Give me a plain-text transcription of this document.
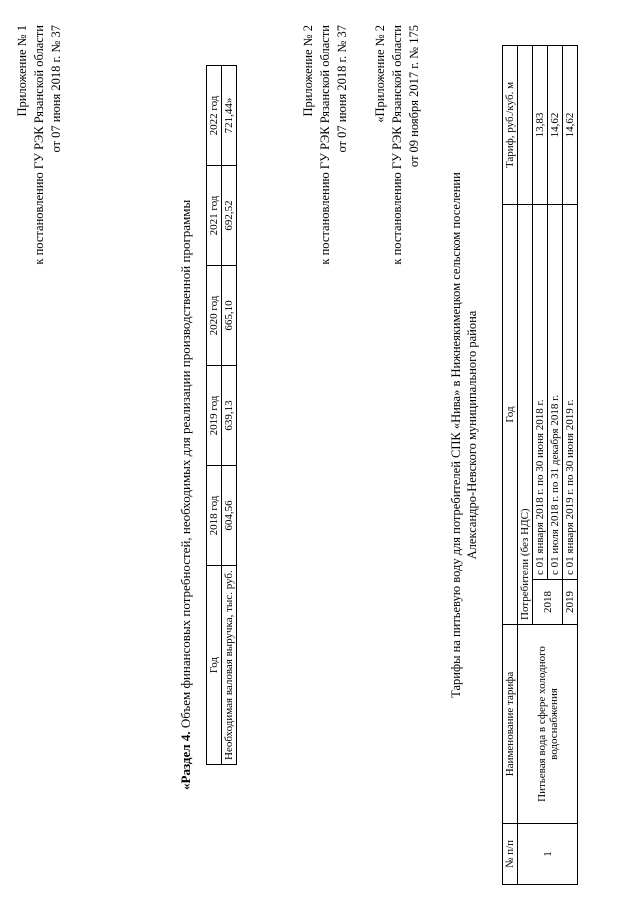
Приложение № 1 к постановлению ГУ РЭК Рязанской области от 07 июня 2018 г. № 37

«Раздел 4. Объем финансовых потребностей, необходимых для реализации производственной программы Год	2018 год	2019 год	2020 год	2021 год	2022 год
Необходимая валовая выручка, тыс. руб.	604,56	639,13	665,10	692,52	721,44»	Приложение № 2 к постановлению ГУ РЭК Рязанской области от 07 июня 2018 г. № 37 «Приложение № 2 к постановлению ГУ РЭК Рязанской области от 09 ноября 2017 г. № 175
Тарифы на питьевую воду для потребителей СПК «Нива» в Нижнеякимецком сельском поселении Александро-Невского муниципального района
№ п/п	Наименование тарифа	Год		Тариф, руб./куб. м
1	Питьевая вода в сфере холодного водоснабжения	Потребители (без НДС)		
		2018	с 01 января 2018 г. по 30 июня 2018 г.	13,83
			с 01 июля 2018 г. по 31 декабря 2018 г.	14,62
		2019	с 01 января 2019 г. по 30 июня 2019 г.	14,62
